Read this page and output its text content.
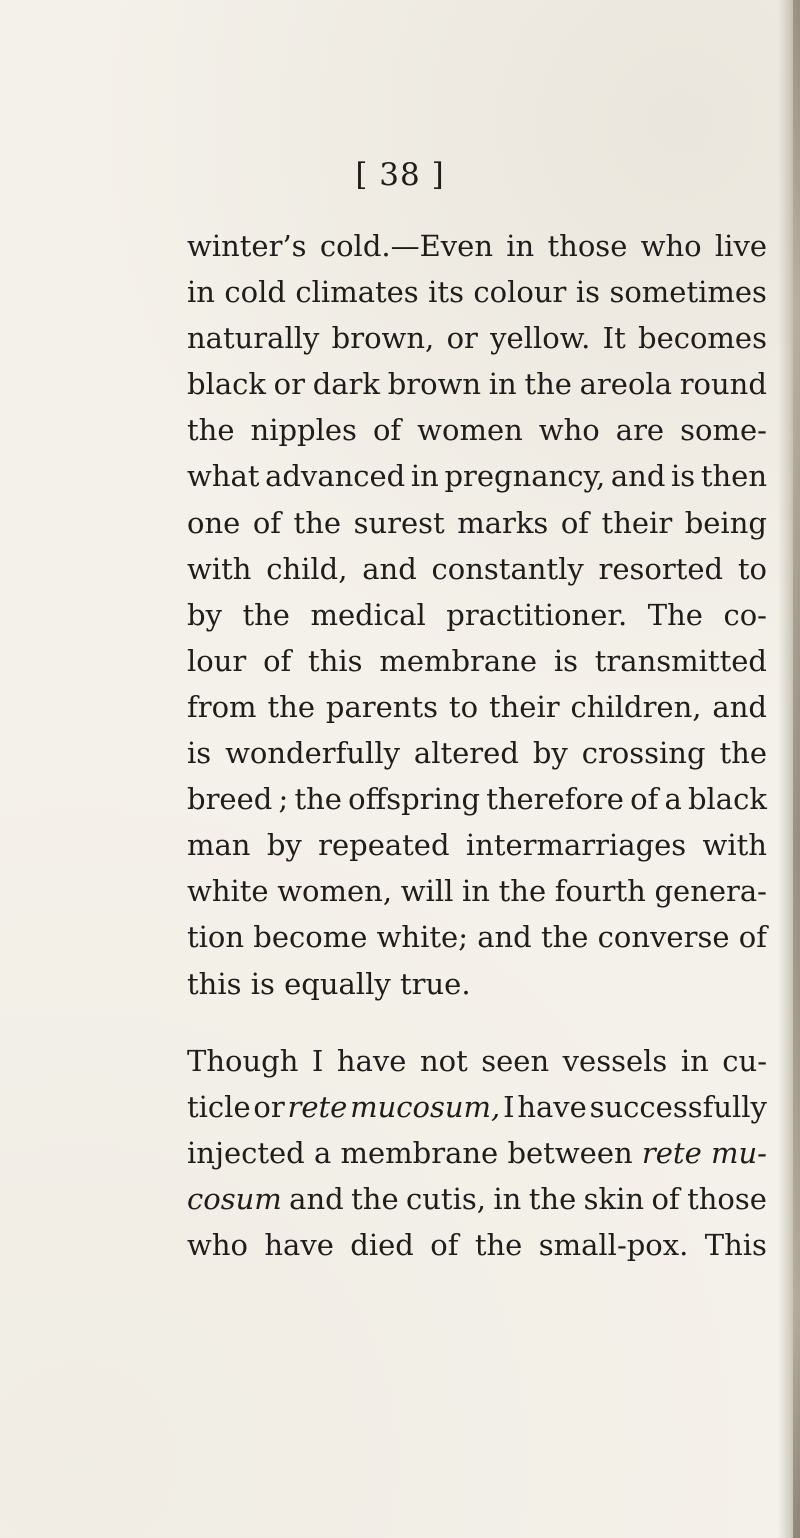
[ 38 ]
winter’s cold.—Even in those who live
in cold climates its colour is sometimes
naturally brown, or yellow. It becomes
black or dark brown in the areola round
the nipples of women who are some-
what advanced in pregnancy, and is then
one of the surest marks of their being
with child, and constantly resorted to
by the medical practitioner. The co-
lour of this membrane is transmitted
from the parents to their children, and
is wonderfully altered by crossing the
breed ; the offspring therefore of a black
man by repeated intermarriages with
white women, will in the fourth genera-
tion become white; and the converse of
this
is
equally
true.
Though I have not seen vessels in cu-
ticle or rete mucosum, I have successfully
injected a membrane between rete mu-
cosum and the cutis, in the skin of those
who have died of the small-pox. This
